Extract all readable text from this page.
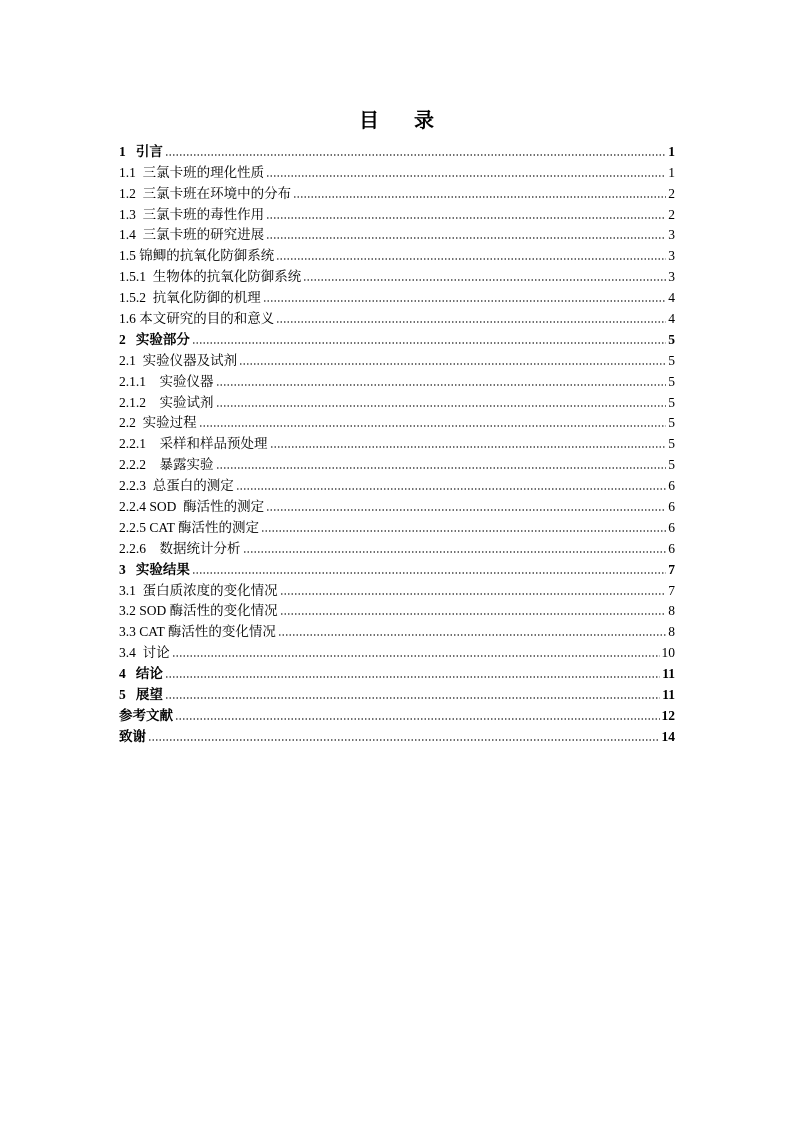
目 录
1 引言	1
1.1 三氯卡班的理化性质	1
1.2 三氯卡班在环境中的分布	2
1.3 三氯卡班的毒性作用	2
1.4 三氯卡班的研究进展	3
1.5 锦鲫的抗氧化防御系统	3
1.5.1 生物体的抗氧化防御系统	3
1.5.2 抗氧化防御的机理	4
1.6 本文研究的目的和意义	4
2 实验部分	5
2.1 实验仪器及试剂	5
2.1.1 实验仪器	5
2.1.2 实验试剂	5
2.2 实验过程	5
2.2.1 采样和样品预处理	5
2.2.2 暴露实验	5
2.2.3 总蛋白的测定	6
2.2.4 SOD  酶活性的测定	6
2.2.5 CAT 酶活性的测定	6
2.2.6 数据统计分析	6
3 实验结果	7
3.1 蛋白质浓度的变化情况	7
3.2 SOD 酶活性的变化情况	8
3.3 CAT 酶活性的变化情况	8
3.4 讨论	10
4 结论	11
5 展望	11
参考文献	12
致谢	14
